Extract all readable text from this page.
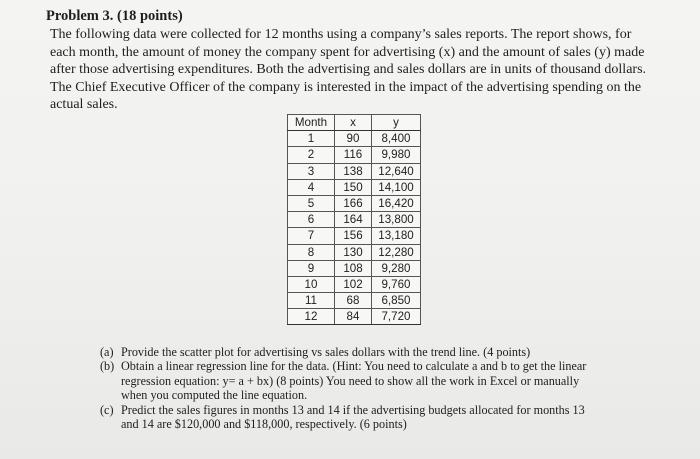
Problem 3. (18 points)

The following data were collected for 12 months using a company’s sales reports. The report shows, for

each month, the amount of money the company spent for advertising (x) and the amount of sales (y) made

after those advertising expenditures. Both the advertising and sales dollars are in units of thousand dollars.

The Chief Executive Officer of the company is interested in the impact of the advertising spending on the

actual sales.

Month	x	y
1	90	8,400
2	116	9,980
3	138	12,640
4	150	14,100
5	166	16,420
6	164	13,800
7	156	13,180
8	130	12,280
9	108	9,280
10	102	9,760
11	68	6,850
12	84	7,720
(a) Provide the scatter plot for advertising vs sales dollars with the trend line. (4 points)
(b) Obtain a linear regression line for the data. (Hint: You need to calculate a and b to get the linear
regression equation: y= a + bx) (8 points) You need to show all the work in Excel or manually
when you computed the line equation.
(c) Predict the sales figures in months 13 and 14 if the advertising budgets allocated for months 13
and 14 are $120,000 and $118,000, respectively. (6 points)
